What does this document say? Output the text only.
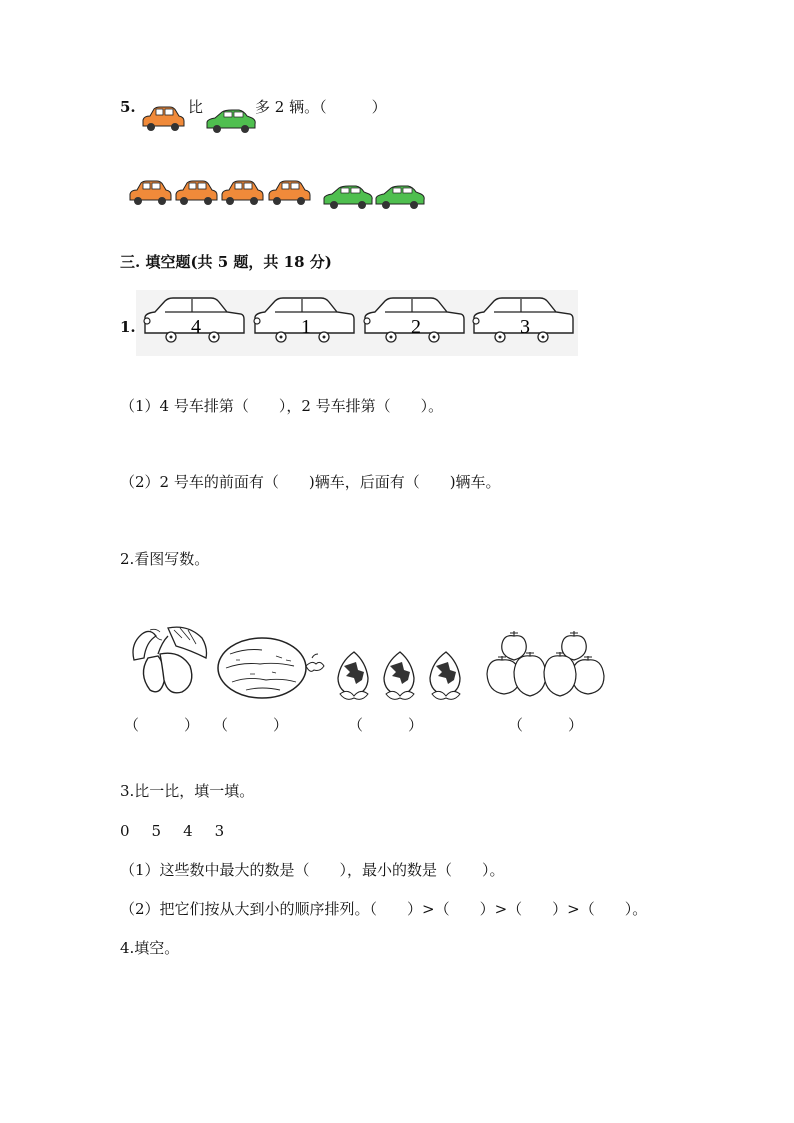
5.	比	多 2 辆。（　　　）
三. 填空题(共 5 题，共 18 分)
1.	4	1	2	3
（1）4 号车排第（　　），2 号车排第（　　）。
（2）2 号车的前面有（　　)辆车，后面有（　　)辆车。
2.看图写数。
（　　　） （　　　）	（　　　）	（　　　）
3.比一比，填一填。
0 5 4 3
（1）这些数中最大的数是（　　），最小的数是（　　）。
（2）把它们按从大到小的顺序排列。（　　）>（　　）>（　　）>（　　）。
4.填空。
